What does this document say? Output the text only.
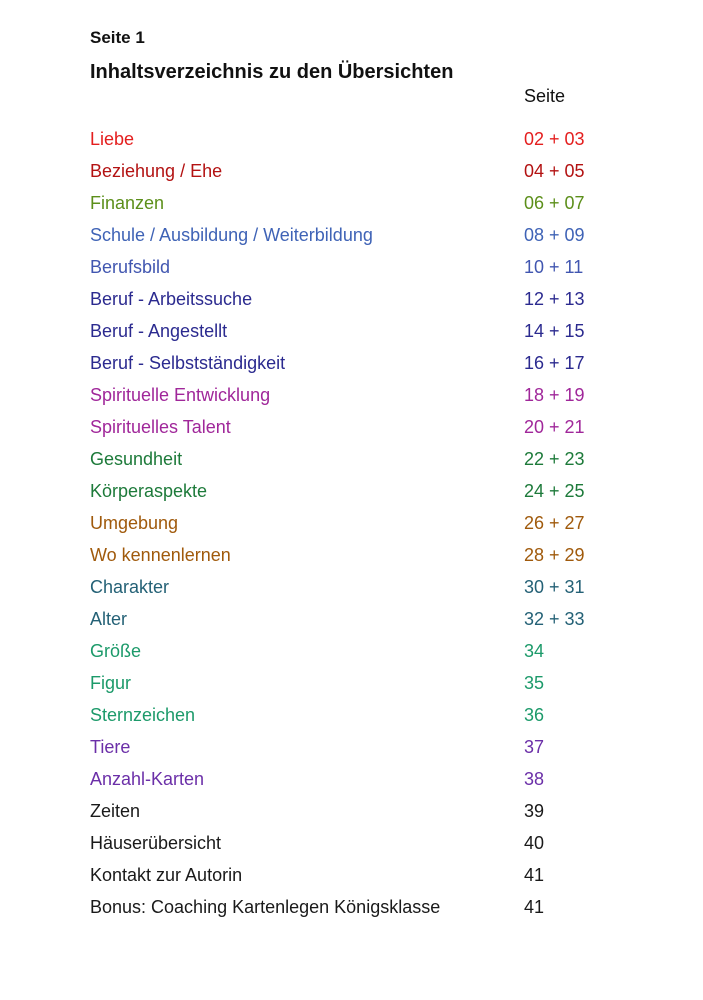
Seite 1
Inhaltsverzeichnis zu den Übersichten
Seite
Liebe	02 + 03
Beziehung / Ehe	04 + 05
Finanzen	06 + 07
Schule / Ausbildung / Weiterbildung	08 + 09
Berufsbild	10 + 11
Beruf - Arbeitssuche	12 + 13
Beruf - Angestellt	14 + 15
Beruf - Selbstständigkeit	16 + 17
Spirituelle Entwicklung	18 + 19
Spirituelles Talent	20 + 21
Gesundheit	22 + 23
Körperaspekte	24 + 25
Umgebung	26 + 27
Wo kennenlernen	28 + 29
Charakter	30 + 31
Alter	32 + 33
Größe	34
Figur	35
Sternzeichen	36
Tiere	37
Anzahl-Karten	38
Zeiten	39
Häuserübersicht	40
Kontakt zur Autorin	41
Bonus: Coaching Kartenlegen Königsklasse	41
